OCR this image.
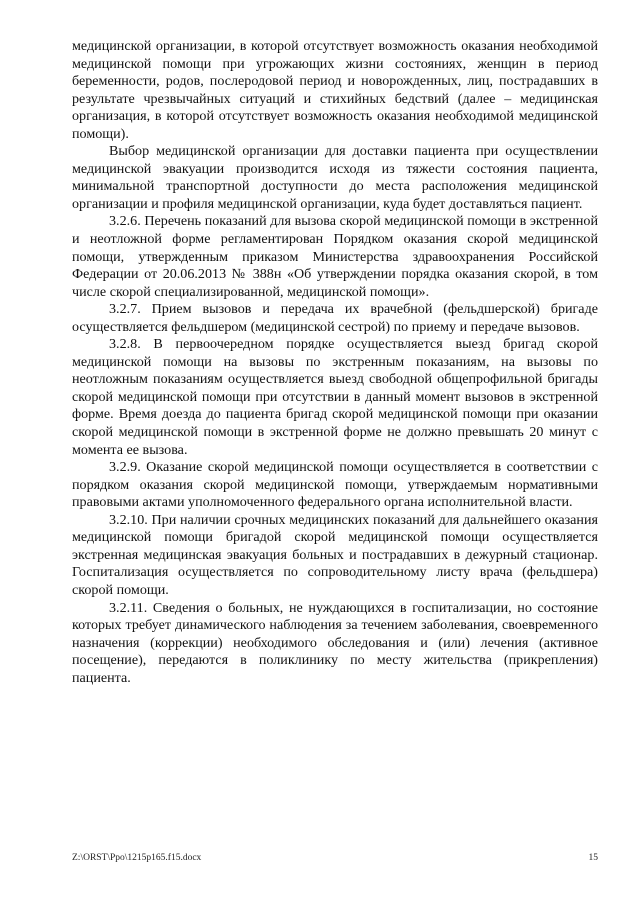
медицинской организации, в которой отсутствует возможность оказания необходимой медицинской помощи при угрожающих жизни состояниях, женщин в период беременности, родов, послеродовой период и новорожденных, лиц, пострадавших в результате чрезвычайных ситуаций и стихийных бедствий (далее – медицинская организация, в которой отсутствует возможность оказания необходимой медицинской помощи).

Выбор медицинской организации для доставки пациента при осуществлении медицинской эвакуации производится исходя из тяжести состояния пациента, минимальной транспортной доступности до места расположения медицинской организации и профиля медицинской организации, куда будет доставляться пациент.

3.2.6. Перечень показаний для вызова скорой медицинской помощи в экстренной и неотложной форме регламентирован Порядком оказания скорой медицинской помощи, утвержденным приказом Министерства здравоохранения Российской Федерации от 20.06.2013 № 388н «Об утверждении порядка оказания скорой, в том числе скорой специализированной, медицинской помощи».

3.2.7. Прием вызовов и передача их врачебной (фельдшерской) бригаде осуществляется фельдшером (медицинской сестрой) по приему и передаче вызовов.

3.2.8. В первоочередном порядке осуществляется выезд бригад скорой медицинской помощи на вызовы по экстренным показаниям, на вызовы по неотложным показаниям осуществляется выезд свободной общепрофильной бригады скорой медицинской помощи при отсутствии в данный момент вызовов в экстренной форме. Время доезда до пациента бригад скорой медицинской помощи при оказании скорой медицинской помощи в экстренной форме не должно превышать 20 минут с момента ее вызова.

3.2.9. Оказание скорой медицинской помощи осуществляется в соответствии с порядком оказания скорой медицинской помощи, утверждаемым нормативными правовыми актами уполномоченного федерального органа исполнительной власти.

3.2.10. При наличии срочных медицинских показаний для дальнейшего оказания медицинской помощи бригадой скорой медицинской помощи осуществляется экстренная медицинская эвакуация больных и пострадавших в дежурный стационар. Госпитализация осуществляется по сопроводительному листу врача (фельдшера) скорой помощи.

3.2.11. Сведения о больных, не нуждающихся в госпитализации, но состояние которых требует динамического наблюдения за течением заболевания, своевременного назначения (коррекции) необходимого обследования и (или) лечения (активное посещение), передаются в поликлинику по месту жительства (прикрепления) пациента.

Z:\ORST\Ppo\1215p165.f15.docx	15
